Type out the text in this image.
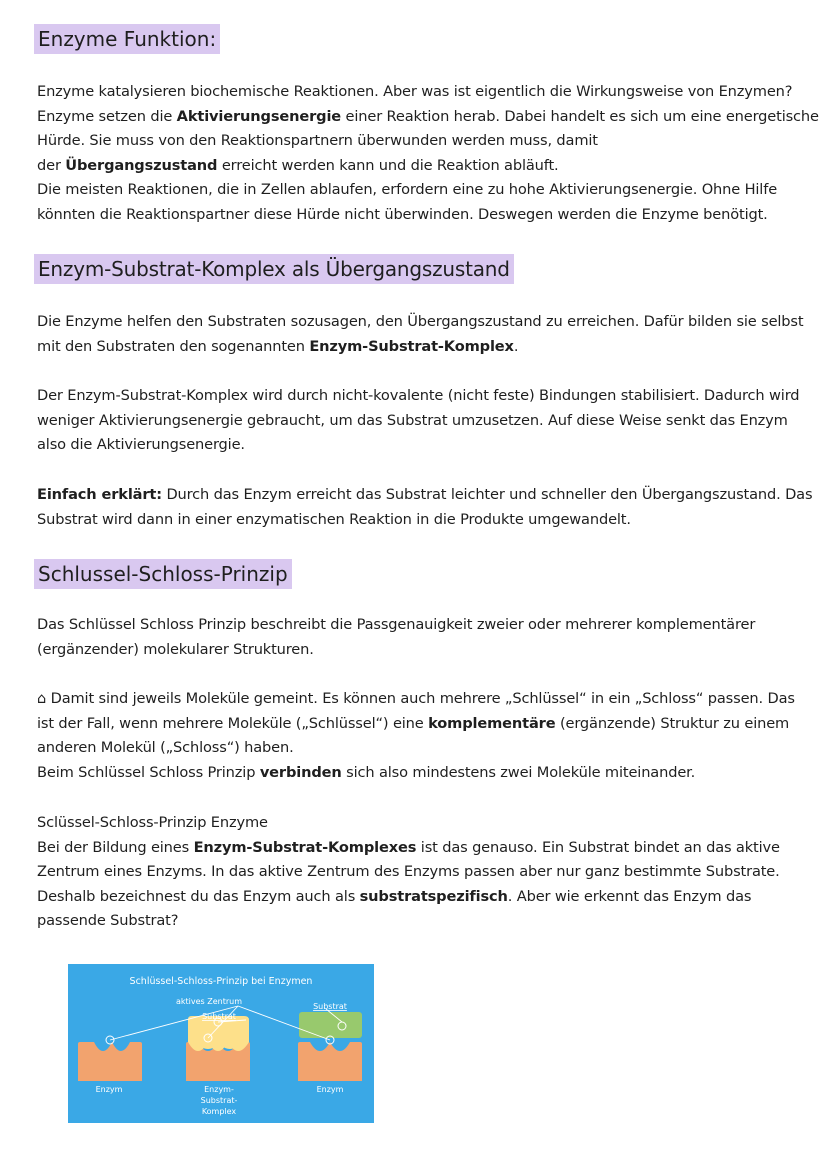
Enzyme Funktion:

Enzyme katalysieren biochemische Reaktionen. Aber was ist eigentlich die Wirkungsweise von Enzymen?
Enzyme setzen die Aktivierungsenergie einer Reaktion herab. Dabei handelt es sich um eine energetische
Hürde. Sie muss von den Reaktionspartnern überwunden werden muss, damit
der Übergangszustand erreicht werden kann und die Reaktion abläuft.
Die meisten Reaktionen, die in Zellen ablaufen, erfordern eine zu hohe Aktivierungsenergie. Ohne Hilfe
könnten die Reaktionspartner diese Hürde nicht überwinden. Deswegen werden die Enzyme benötigt.

Enzym-Substrat-Komplex als Übergangszustand

Die Enzyme helfen den Substraten sozusagen, den Übergangszustand zu erreichen. Dafür bilden sie selbst
mit den Substraten den sogenannten Enzym-Substrat-Komplex.

Der Enzym-Substrat-Komplex wird durch nicht-kovalente (nicht feste) Bindungen stabilisiert. Dadurch wird
weniger Aktivierungsenergie gebraucht, um das Substrat umzusetzen. Auf diese Weise senkt das Enzym
also die Aktivierungsenergie.

Einfach erklärt: Durch das Enzym erreicht das Substrat leichter und schneller den Übergangszustand. Das
Substrat wird dann in einer enzymatischen Reaktion in die Produkte umgewandelt.

Schlussel-Schloss-Prinzip

Das Schlüssel Schloss Prinzip beschreibt die Passgenauigkeit zweier oder mehrerer komplementärer
(ergänzender) molekularer Strukturen.

⌂ Damit sind jeweils Moleküle gemeint. Es können auch mehrere „Schlüssel“ in ein „Schloss“ passen. Das
ist der Fall, wenn mehrere Moleküle („Schlüssel“) eine komplementäre (ergänzende) Struktur zu einem
anderen Molekül („Schloss“) haben.
Beim Schlüssel Schloss Prinzip verbinden sich also mindestens zwei Moleküle miteinander.

Sclüssel-Schloss-Prinzip Enzyme
Bei der Bildung eines Enzym-Substrat-Komplexes ist das genauso. Ein Substrat bindet an das aktive
Zentrum eines Enzyms. In das aktive Zentrum des Enzyms passen aber nur ganz bestimmte Substrate.
Deshalb bezeichnest du das Enzym auch als substratspezifisch. Aber wie erkennt das Enzym das
passende Substrat?

Schlüssel-Schloss-Prinzip bei Enzymen
aktives Zentrum
Substrat
Substrat
Enzym	Enzym-
Substrat-
Komplex
Enzym
